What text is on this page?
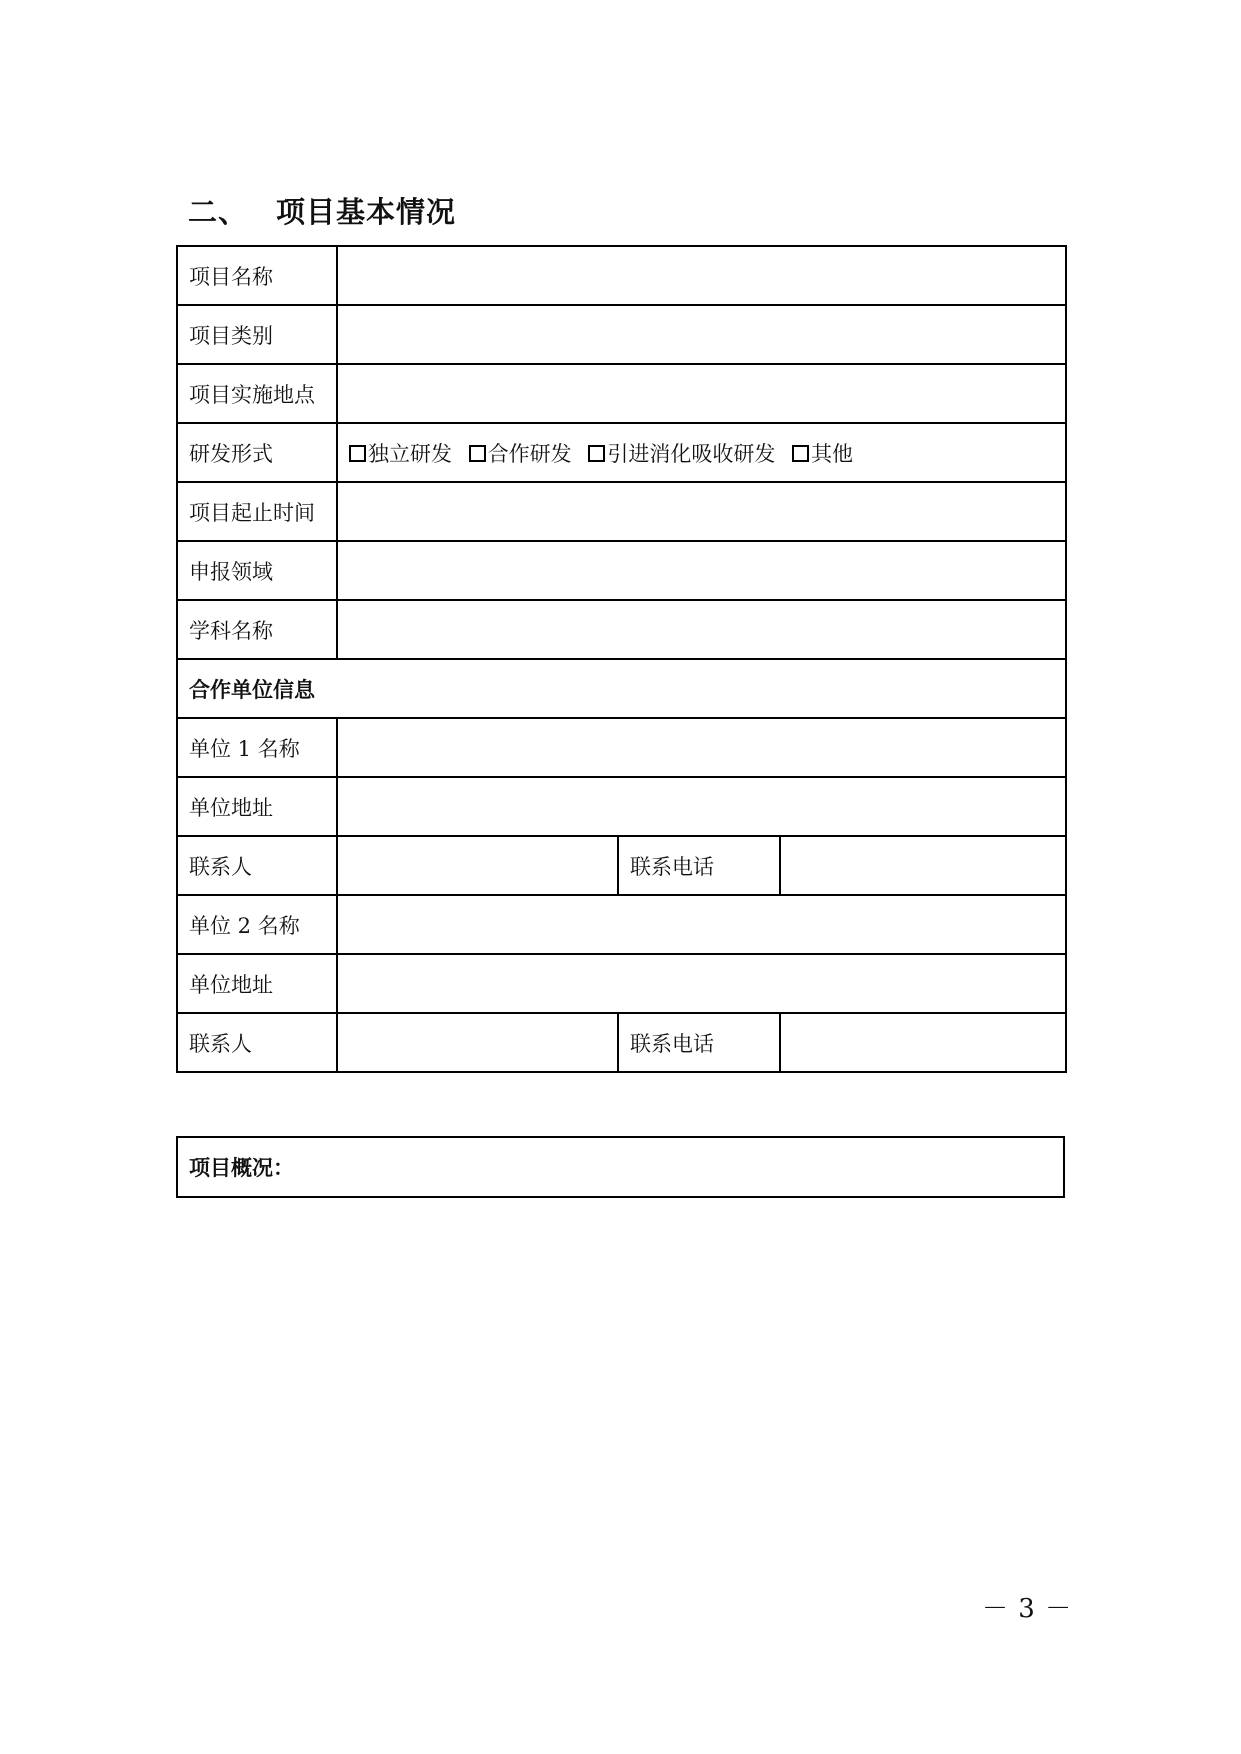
二、 项目基本情况
项目名称			
项目类别			
项目实施地点			
研发形式	独立研发 合作研发 引进消化吸收研发 其他		
项目起止时间			
申报领域			
学科名称			
合作单位信息			
单位 1 名称			
单位地址			
联系人		联系电话	
单位 2 名称			
单位地址			
联系人		联系电话	
项目概况：
－ 3 －
